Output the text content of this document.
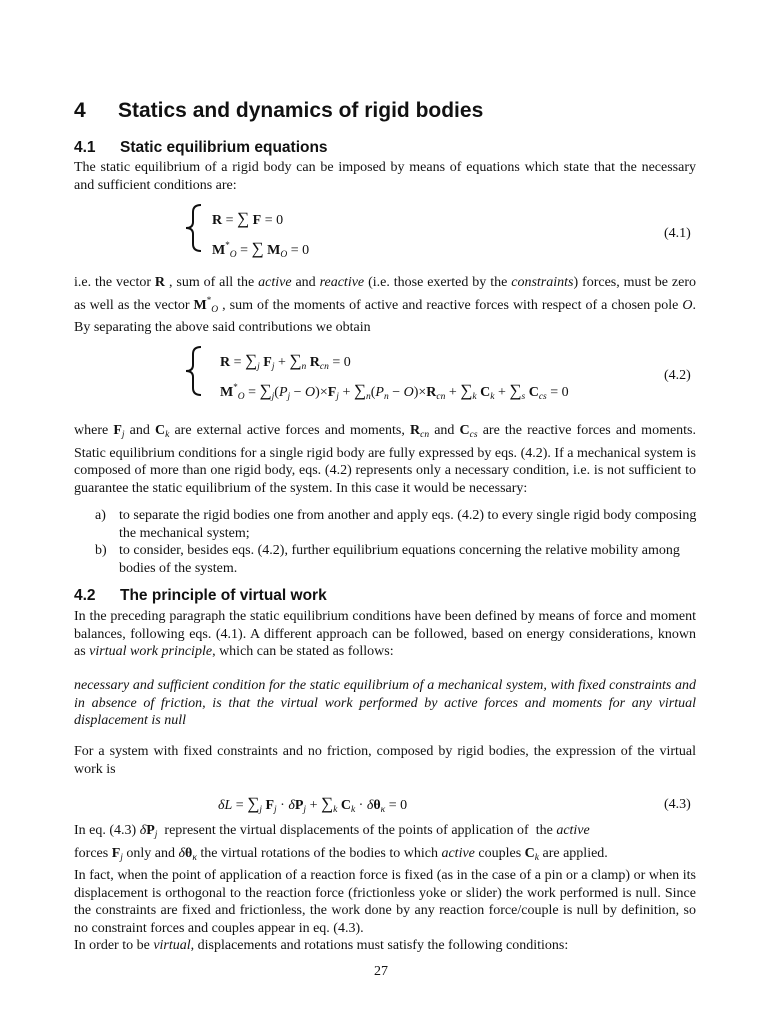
4 Statics and dynamics of rigid bodies
4.1 Static equilibrium equations

The static equilibrium of a rigid body can be imposed by means of equations which state that the necessary and sufficient conditions are:

R = ∑ F = 0
$M^*_O$ = ∑ $M_O = 0$
(4.1)

i.e. the vector R , sum of all the active and reactive (i.e. those exerted by the constraints) forces, must be zero as well as the vector $M^*_O$ , sum of the moments of active and reactive forces with respect of a chosen pole O. By separating the above said contributions we obtain

$R = \sum_j$ $F_j + \sum_n$ $R_{cn} = 0$
$M^*_O = \sum_j(P_j - O)\times F_j + \sum_n(P_n - O)\times R_{cn} + \sum_k$ $C_k + \sum_s$ $C_{cs} = 0$
(4.2)

where $F_j$ and $C_k$ are external active forces and moments, $R_{cn}$ and $C_{cs}$ are the reactive forces and moments. Static equilibrium conditions for a single rigid body are fully expressed by eqs. (4.2). If a mechanical system is composed of more than one rigid body, eqs. (4.2) represents only a necessary condition, i.e. is not sufficient to guarantee the static equilibrium of the system. In this case it would be necessary:

a) to separate the rigid bodies one from another and apply eqs. (4.2) to every single rigid body composing the mechanical system;
b) to consider, besides eqs. (4.2), further equilibrium equations concerning the relative mobility among bodies of the system.
4.2 The principle of virtual work

In the preceding paragraph the static equilibrium conditions have been defined by means of force and moment balances, following eqs. (4.1). A different approach can be followed, based on energy considerations, known as virtual work principle, which can be stated as follows:

necessary and sufficient condition for the static equilibrium of a mechanical system, with fixed constraints and in absence of friction, is that the virtual work performed by active forces and moments for any virtual displacement is null

For a system with fixed constraints and no friction, composed by rigid bodies, the expression of the virtual work is

$\delta L = \sum_j$ $F_j \cdot \delta P_j + \sum_k$ $C_k \cdot \delta\theta_\kappa = 0$	(4.3)

In eq. (4.3) $\delta P_j$  represent the virtual displacements of the points of application of  the active

forces $F_j$ only and $\delta\theta_\kappa$ the virtual rotations of the bodies to which active couples $C_k$ are applied.

In fact, when the point of application of a reaction force is fixed (as in the case of a pin or a clamp) or when its displacement is orthogonal to the reaction force (frictionless yoke or slider) the work performed is null. Since the constraints are fixed and frictionless, the work done by any reaction force/couple is null by definition, so no constraint forces and couples appear in eq. (4.3).

In order to be virtual, displacements and rotations must satisfy the following conditions:

27
